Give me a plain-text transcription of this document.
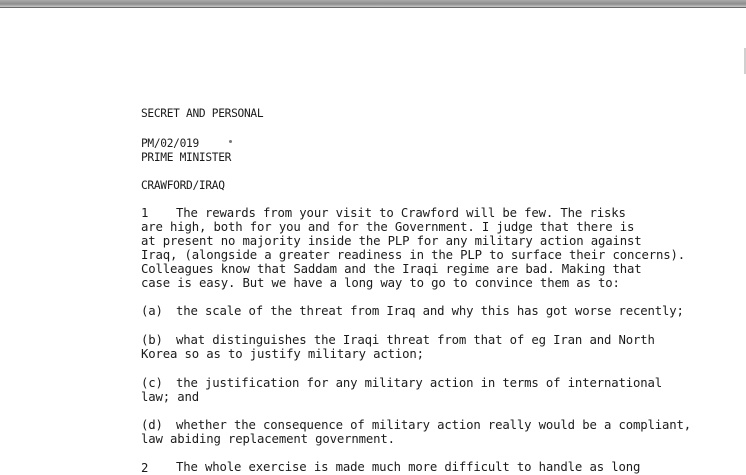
SECRET AND PERSONAL
PM/02/019
PRIME MINISTER
CRAWFORD/IRAQ
1 The rewards from your visit to Crawford will be few. The risks
are high, both for you and for the Government. I judge that there is
at present no majority inside the PLP for any military action against
Iraq, (alongside a greater readiness in the PLP to surface their concerns).
Colleagues know that Saddam and the Iraqi regime are bad. Making that
case is easy. But we have a long way to go to convince them as to:
(a) the scale of the threat from Iraq and why this has got worse recently;
(b) what distinguishes the Iraqi threat from that of eg Iran and North
Korea so as to justify military action;
(c) the justification for any military action in terms of international
law; and
(d) whether the consequence of military action really would be a compliant,
law abiding replacement government.
2 The whole exercise is made much more difficult to handle as long
